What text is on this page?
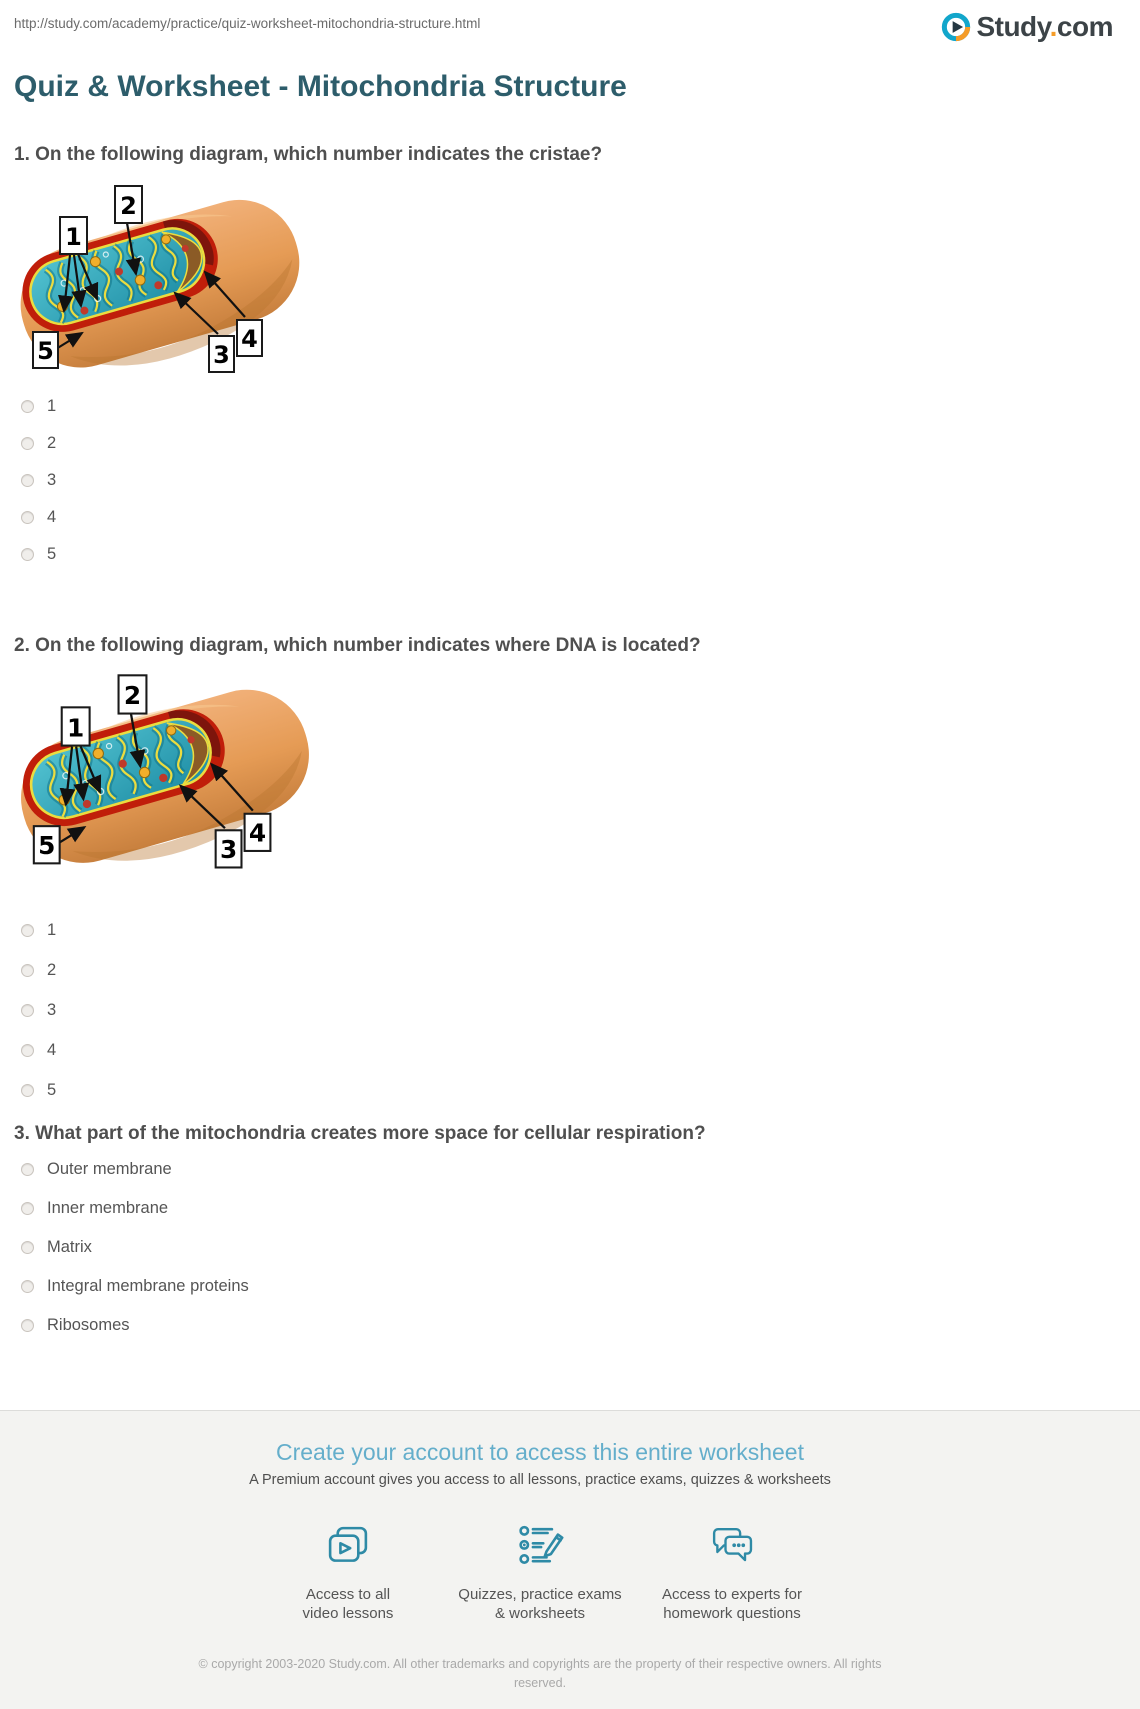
http://study.com/academy/practice/quiz-worksheet-mitochondria-structure.html	Study.com
Quiz & Worksheet - Mitochondria Structure
1. On the following diagram, which number indicates the cristae?
1
2
3
4
5
2. On the following diagram, which number indicates where DNA is located?
1
2
3
4
5
3. What part of the mitochondria creates more space for cellular respiration?
Outer membrane
Inner membrane
Matrix
Integral membrane proteins
Ribosomes
Create your account to access this entire worksheet
A Premium account gives you access to all lessons, practice exams, quizzes & worksheets
Access to all
video lessons
Quizzes, practice exams
& worksheets
Access to experts for
homework questions
© copyright 2003-2020 Study.com. All other trademarks and copyrights are the property of their respective owners. All rights reserved.
